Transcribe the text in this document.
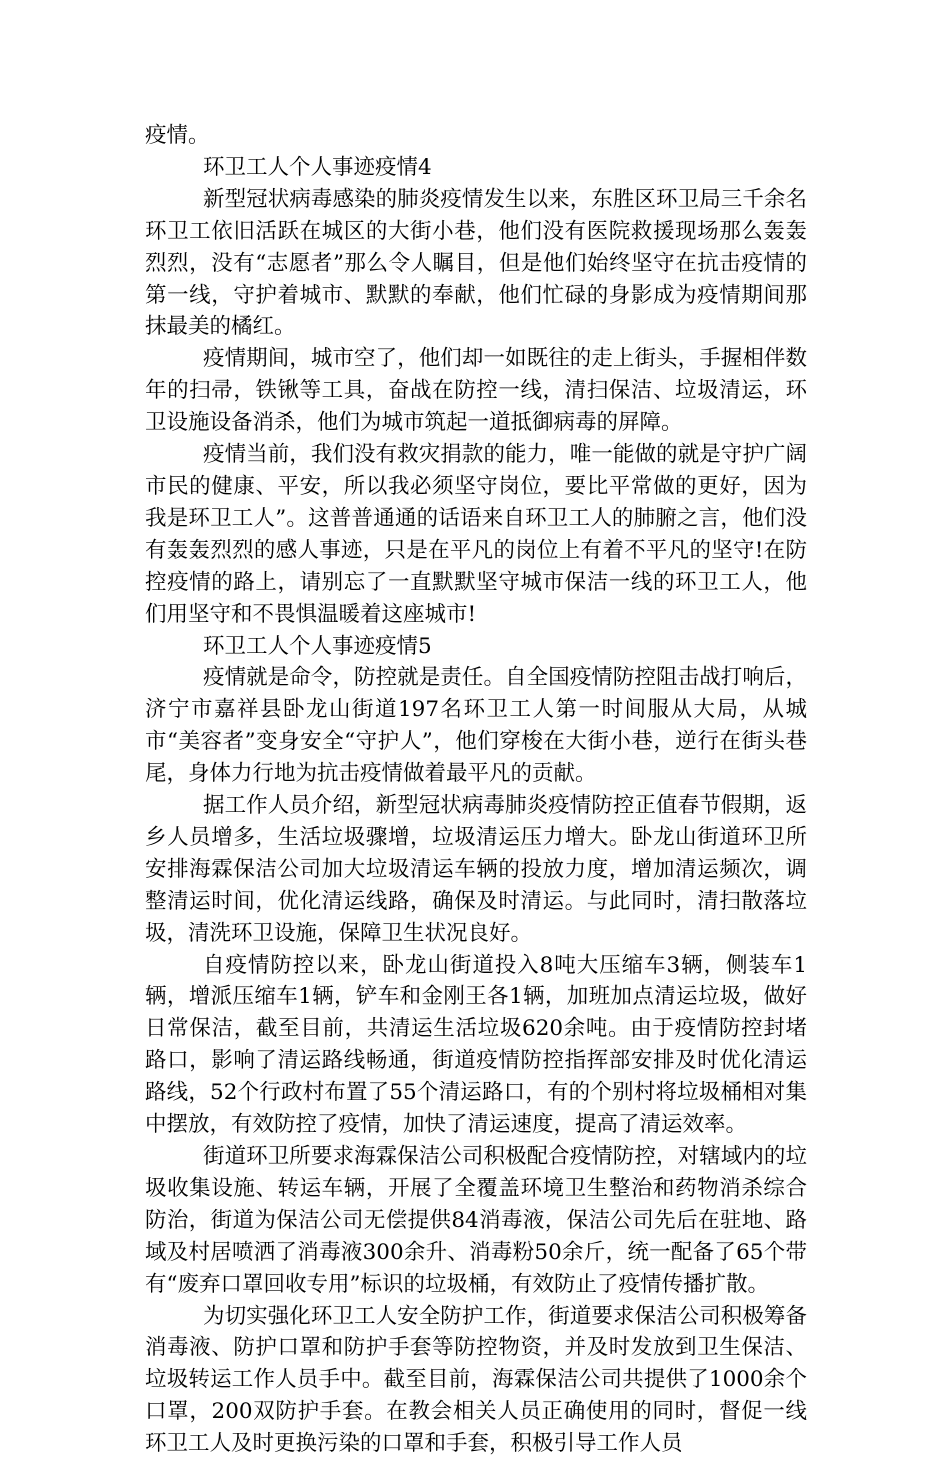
疫情。

环卫工人个人事迹疫情4

新型冠状病毒感染的肺炎疫情发生以来，东胜区环卫局三千余名环卫工依旧活跃在城区的大街小巷，他们没有医院救援现场那么轰轰烈烈，没有“志愿者”那么令人瞩目，但是他们始终坚守在抗击疫情的第一线，守护着城市、默默的奉献，他们忙碌的身影成为疫情期间那抹最美的橘红。

疫情期间，城市空了，他们却一如既往的走上街头，手握相伴数年的扫帚，铁锹等工具，奋战在防控一线，清扫保洁、垃圾清运，环卫设施设备消杀，他们为城市筑起一道抵御病毒的屏障。

疫情当前，我们没有救灾捐款的能力，唯一能做的就是守护广阔市民的健康、平安，所以我必须坚守岗位，要比平常做的更好，因为我是环卫工人”。这普普通通的话语来自环卫工人的肺腑之言，他们没有轰轰烈烈的感人事迹，只是在平凡的岗位上有着不平凡的坚守!在防控疫情的路上，请别忘了一直默默坚守城市保洁一线的环卫工人，他们用坚守和不畏惧温暖着这座城市!

环卫工人个人事迹疫情5

疫情就是命令，防控就是责任。自全国疫情防控阻击战打响后，济宁市嘉祥县卧龙山街道197名环卫工人第一时间服从大局，从城市“美容者”变身安全“守护人”，他们穿梭在大街小巷，逆行在街头巷尾，身体力行地为抗击疫情做着最平凡的贡献。

据工作人员介绍，新型冠状病毒肺炎疫情防控正值春节假期，返乡人员增多，生活垃圾骤增，垃圾清运压力增大。卧龙山街道环卫所安排海霖保洁公司加大垃圾清运车辆的投放力度，增加清运频次，调整清运时间，优化清运线路，确保及时清运。与此同时，清扫散落垃圾，清洗环卫设施，保障卫生状况良好。

自疫情防控以来，卧龙山街道投入8吨大压缩车3辆，侧装车1辆，增派压缩车1辆，铲车和金刚王各1辆，加班加点清运垃圾，做好日常保洁，截至目前，共清运生活垃圾620余吨。由于疫情防控封堵路口，影响了清运路线畅通，街道疫情防控指挥部安排及时优化清运路线，52个行政村布置了55个清运路口，有的个别村将垃圾桶相对集中摆放，有效防控了疫情，加快了清运速度，提高了清运效率。

街道环卫所要求海霖保洁公司积极配合疫情防控，对辖域内的垃圾收集设施、转运车辆，开展了全覆盖环境卫生整治和药物消杀综合防治，街道为保洁公司无偿提供84消毒液，保洁公司先后在驻地、路域及村居喷洒了消毒液300余升、消毒粉50余斤，统一配备了65个带有“废弃口罩回收专用”标识的垃圾桶，有效防止了疫情传播扩散。

为切实强化环卫工人安全防护工作，街道要求保洁公司积极筹备消毒液、防护口罩和防护手套等防控物资，并及时发放到卫生保洁、垃圾转运工作人员手中。截至目前，海霖保洁公司共提供了1000余个口罩，200双防护手套。在教会相关人员正确使用的同时，督促一线环卫工人及时更换污染的口罩和手套，积极引导工作人员
